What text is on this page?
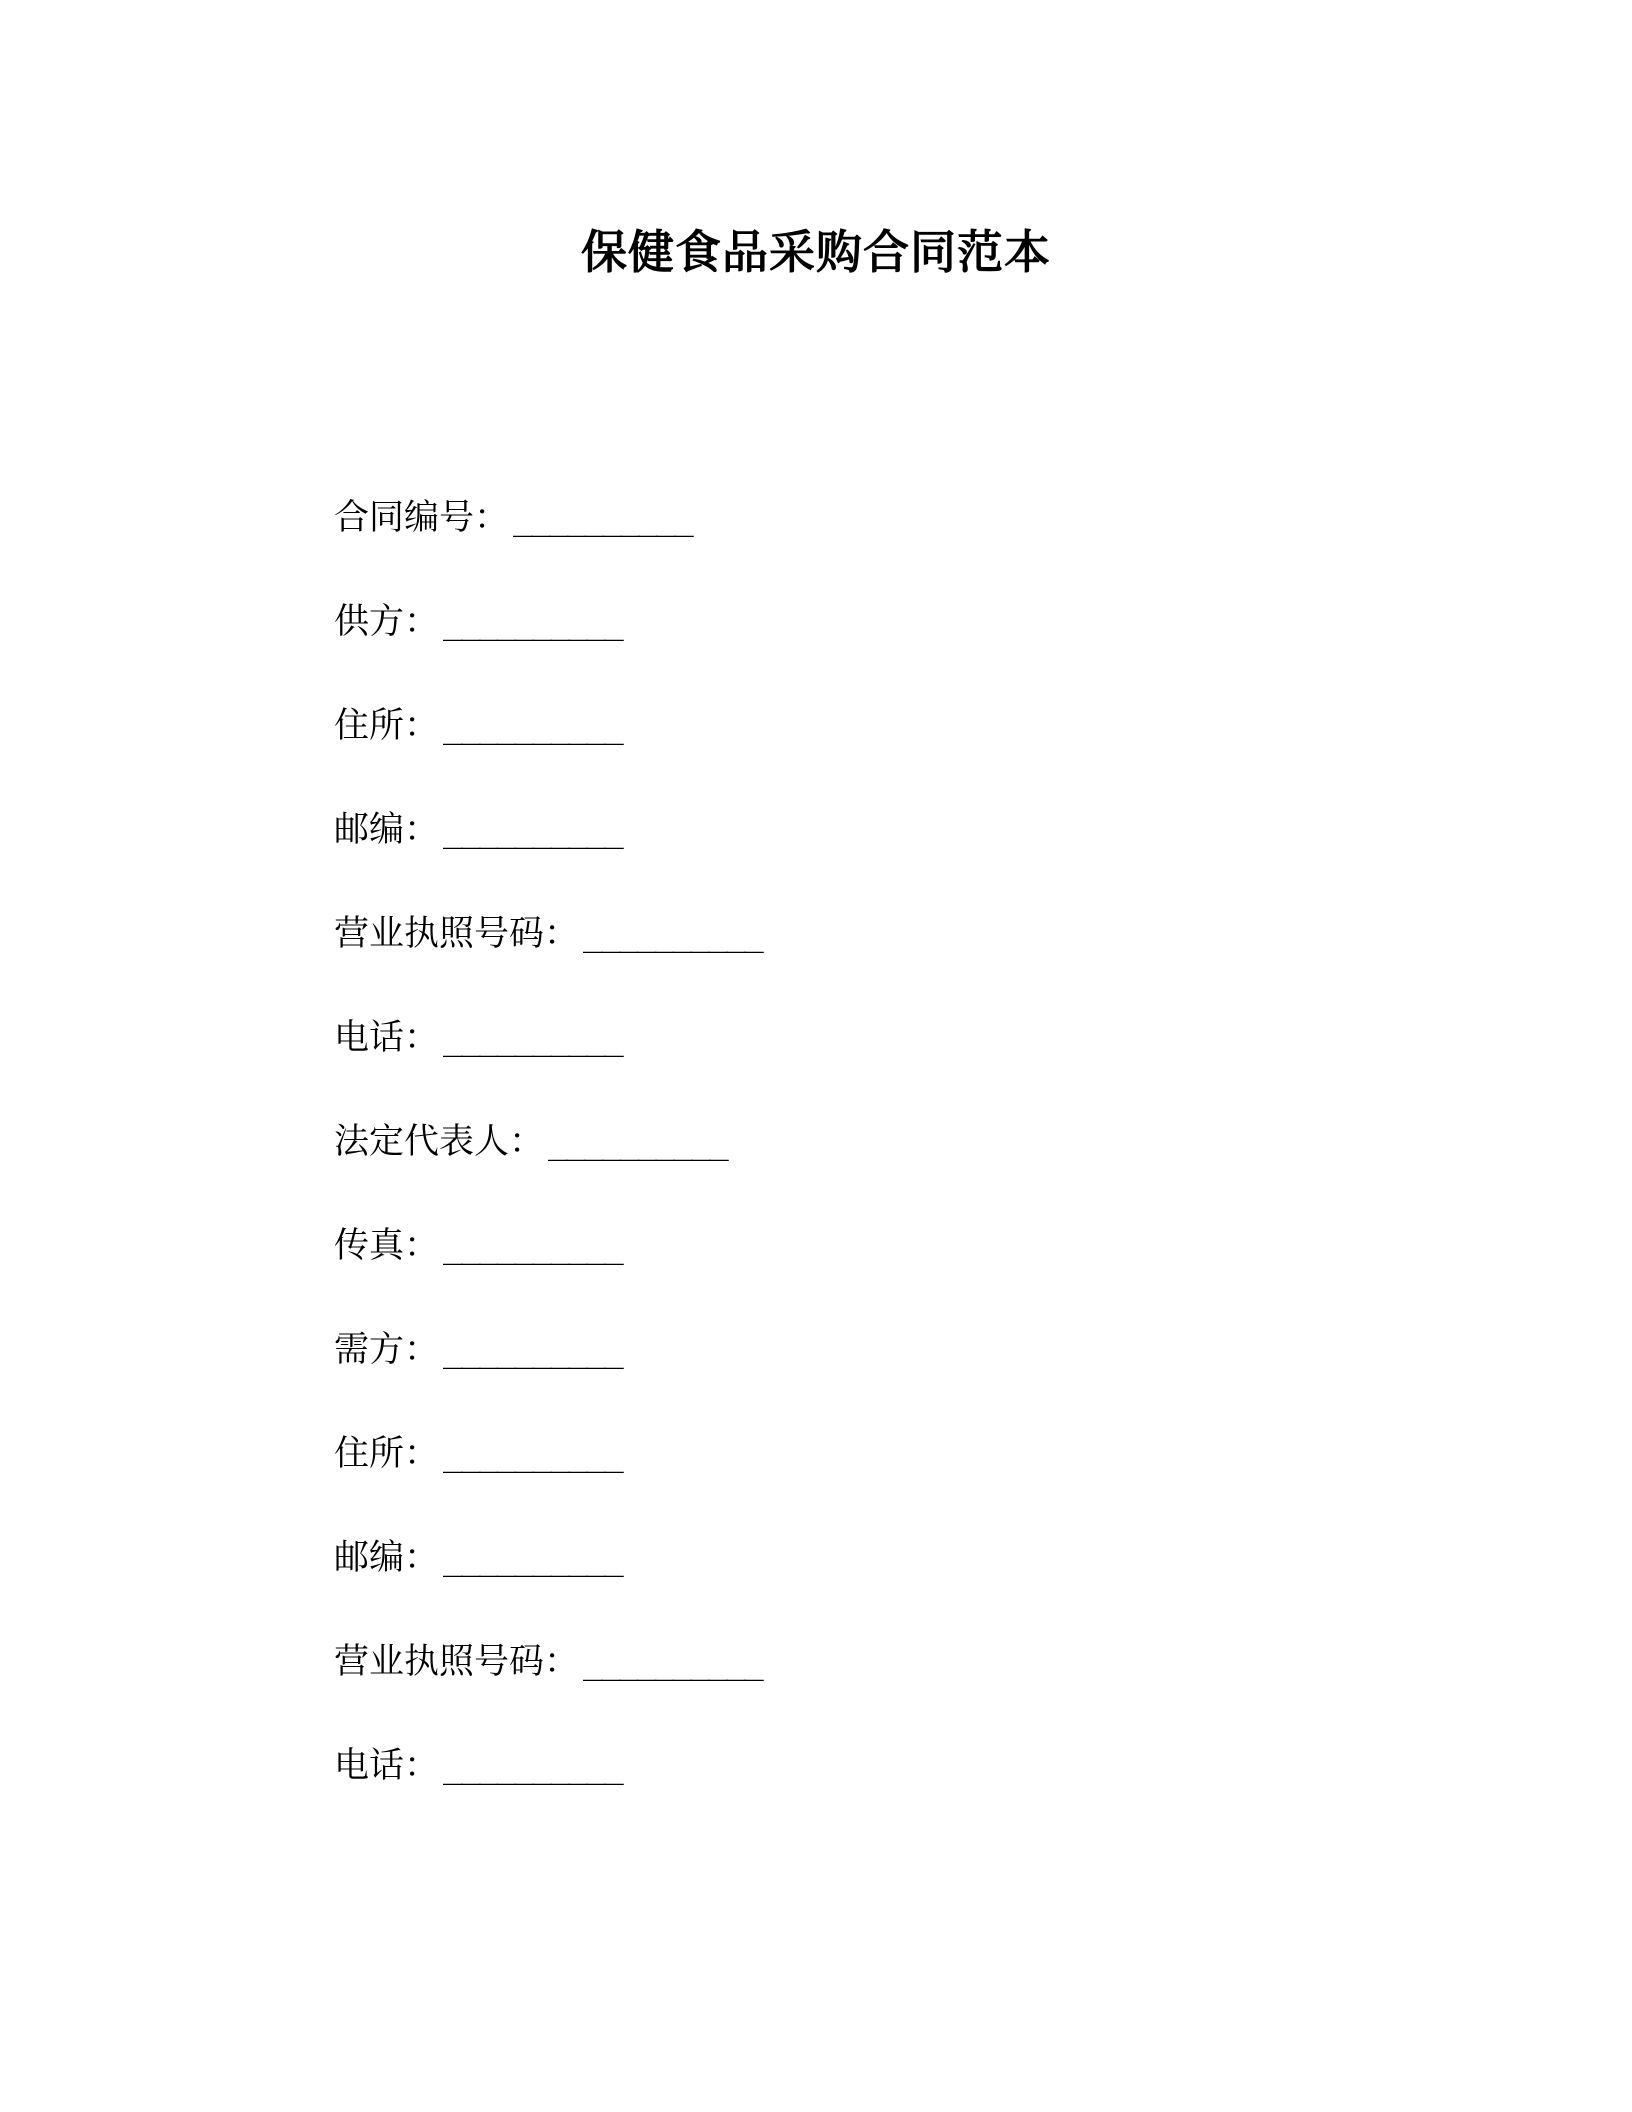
保健食品采购合同范本
合同编号： __________
供方： __________
住所： __________
邮编： __________
营业执照号码： __________
电话： __________
法定代表人： __________
传真： __________
需方： __________
住所： __________
邮编： __________
营业执照号码： __________
电话： __________
